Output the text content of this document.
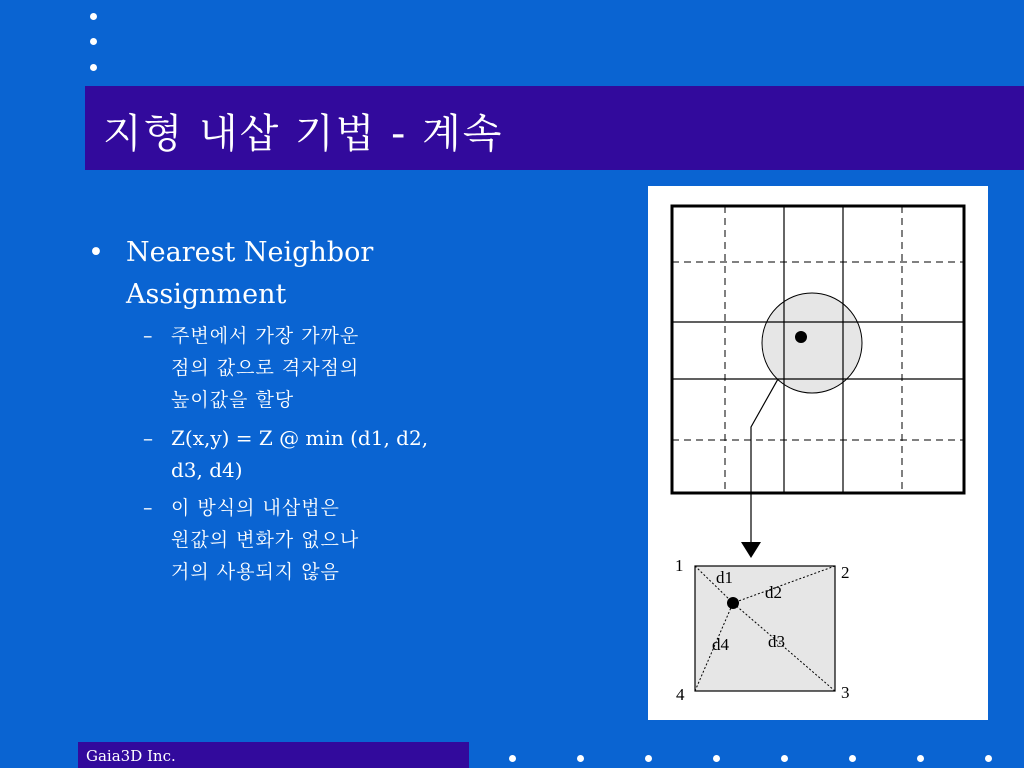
지형 내삽 기법 - 계속
• Nearest Neighbor
Assignment
– 주변에서 가장 가까운
점의 값으로 격자점의
높이값을 할당
– Z(x,y) = Z @ min (d1, d2,
d3, d4)
– 이 방식의 내삽법은
원값의 변화가 없으나
거의 사용되지 않음	1	2
3
4
d1
d2
d3
d4
Gaia3D Inc.
